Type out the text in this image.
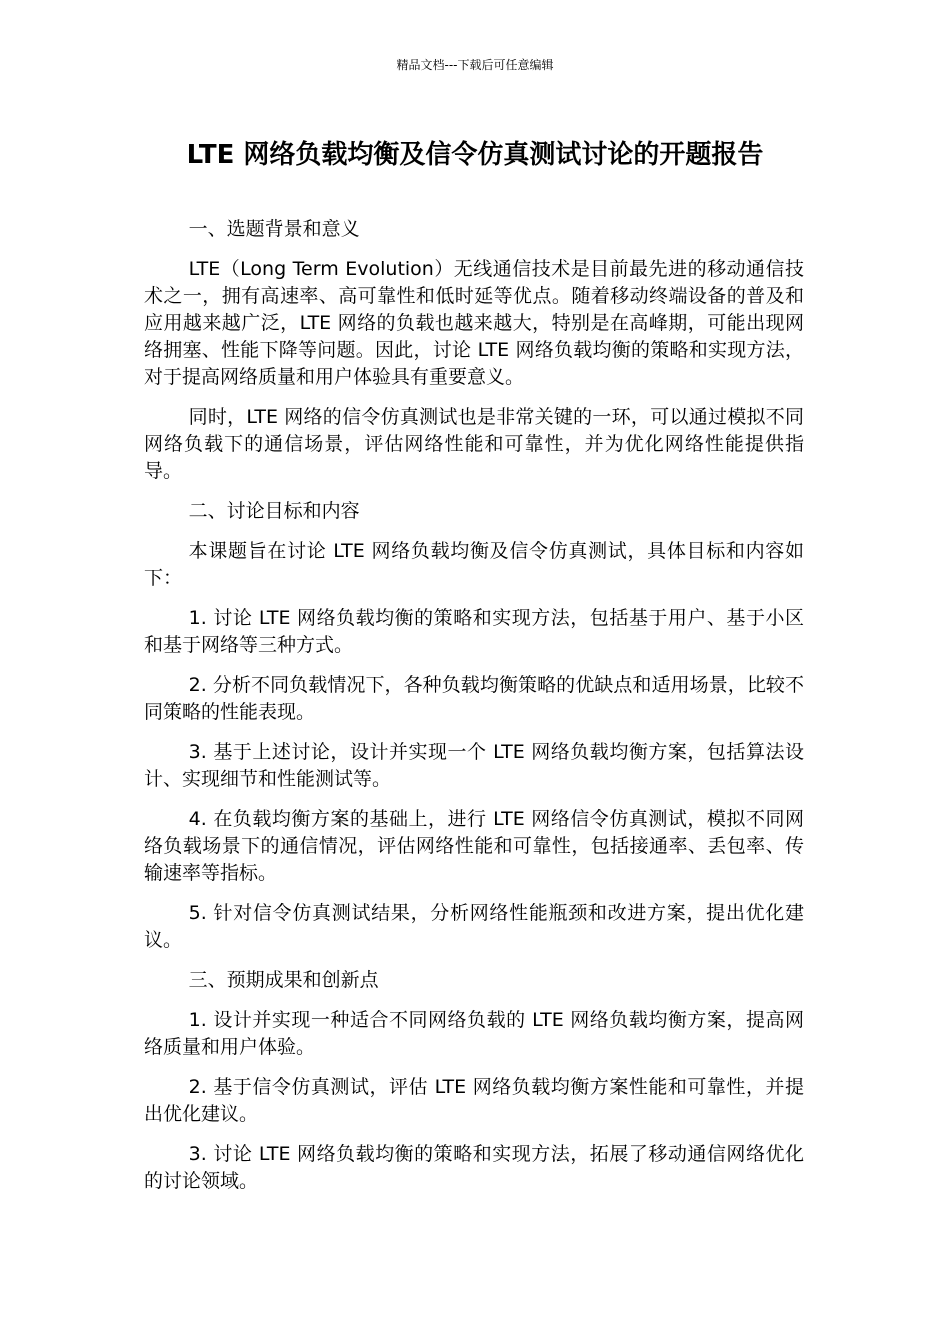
精品文档---下载后可任意编辑
LTE 网络负载均衡及信令仿真测试讨论的开题报告

一、选题背景和意义

LTE（Long Term Evolution）无线通信技术是目前最先进的移动通信技术之一，拥有高速率、高可靠性和低时延等优点。随着移动终端设备的普及和应用越来越广泛，LTE 网络的负载也越来越大，特别是在高峰期，可能出现网络拥塞、性能下降等问题。因此，讨论 LTE 网络负载均衡的策略和实现方法，对于提高网络质量和用户体验具有重要意义。

同时，LTE 网络的信令仿真测试也是非常关键的一环，可以通过模拟不同网络负载下的通信场景，评估网络性能和可靠性，并为优化网络性能提供指导。

二、讨论目标和内容

本课题旨在讨论 LTE 网络负载均衡及信令仿真测试，具体目标和内容如下：

1. 讨论 LTE 网络负载均衡的策略和实现方法，包括基于用户、基于小区和基于网络等三种方式。

2. 分析不同负载情况下，各种负载均衡策略的优缺点和适用场景，比较不同策略的性能表现。

3. 基于上述讨论，设计并实现一个 LTE 网络负载均衡方案，包括算法设计、实现细节和性能测试等。

4. 在负载均衡方案的基础上，进行 LTE 网络信令仿真测试，模拟不同网络负载场景下的通信情况，评估网络性能和可靠性，包括接通率、丢包率、传输速率等指标。

5. 针对信令仿真测试结果，分析网络性能瓶颈和改进方案，提出优化建议。

三、预期成果和创新点

1. 设计并实现一种适合不同网络负载的 LTE 网络负载均衡方案，提高网络质量和用户体验。

2. 基于信令仿真测试，评估 LTE 网络负载均衡方案性能和可靠性，并提出优化建议。

3. 讨论 LTE 网络负载均衡的策略和实现方法，拓展了移动通信网络优化的讨论领域。
